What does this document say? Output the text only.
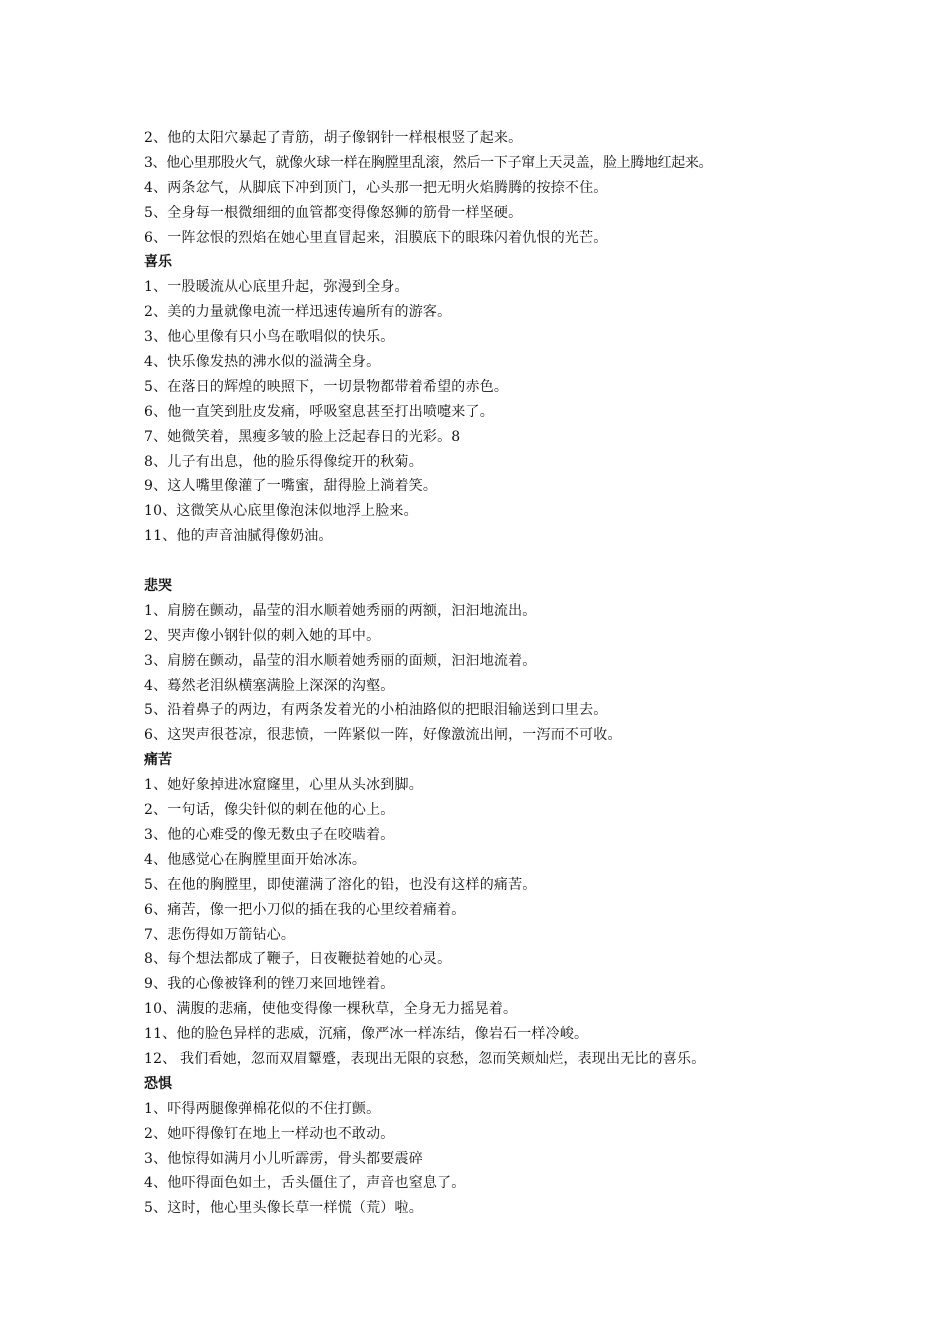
2、他的太阳穴暴起了青筋，胡子像钢针一样根根竖了起来。
3、他心里那股火气，就像火球一样在胸膛里乱滚，然后一下子窜上天灵盖，脸上腾地红起来。
4、两条忿气，从脚底下冲到顶门，心头那一把无明火焰腾腾的按捺不住。
5、全身每一根微细细的血管都变得像怒狮的筋骨一样坚硬。
6、一阵忿恨的烈焰在她心里直冒起来，泪膜底下的眼珠闪着仇恨的光芒。
喜乐
1、一股暖流从心底里升起，弥漫到全身。
2、美的力量就像电流一样迅速传遍所有的游客。
3、他心里像有只小鸟在歌唱似的快乐。
4、快乐像发热的沸水似的溢满全身。
5、在落日的辉煌的映照下，一切景物都带着希望的赤色。
6、他一直笑到肚皮发痛，呼吸窒息甚至打出喷嚏来了。
7、她微笑着，黑瘦多皱的脸上泛起春日的光彩。8
8、儿子有出息，他的脸乐得像绽开的秋菊。
9、这人嘴里像灌了一嘴蜜，甜得脸上淌着笑。
10、这微笑从心底里像泡沫似地浮上脸来。
11、他的声音油腻得像奶油。
悲哭
1、肩膀在颤动，晶莹的泪水顺着她秀丽的两额，汩汩地流出。
2、哭声像小钢针似的刺入她的耳中。
3、肩膀在颤动，晶莹的泪水顺着她秀丽的面颊，汩汩地流着。
4、蓦然老泪纵横塞满脸上深深的沟壑。
5、沿着鼻子的两边，有两条发着光的小柏油路似的把眼泪输送到口里去。
6、这哭声很苍凉，很悲愤，一阵紧似一阵，好像激流出闸，一泻而不可收。
痛苦
1、她好象掉进冰窟窿里，心里从头冰到脚。
2、一句话，像尖针似的刺在他的心上。
3、他的心难受的像无数虫子在咬啮着。
4、他感觉心在胸膛里面开始冰冻。
5、在他的胸膛里，即使灌满了溶化的铅，也没有这样的痛苦。
6、痛苦，像一把小刀似的插在我的心里绞着痛着。
7、悲伤得如万箭钻心。
8、每个想法都成了鞭子，日夜鞭挞着她的心灵。
9、我的心像被锋利的锉刀来回地锉着。
10、满腹的悲痛，使他变得像一棵秋草，全身无力摇晃着。
11、他的脸色异样的悲威，沉痛，像严冰一样冻结，像岩石一样冷峻。
12、 我们看她，忽而双眉颦蹙，表现出无限的哀愁，忽而笑颊灿烂，表现出无比的喜乐。
恐惧
1、吓得两腿像弹棉花似的不住打颤。
2、她吓得像钉在地上一样动也不敢动。
3、他惊得如满月小儿听霹雳，骨头都要震碎
4、他吓得面色如土，舌头僵住了，声音也窒息了。
5、这时，他心里头像长草一样慌（荒）啦。
